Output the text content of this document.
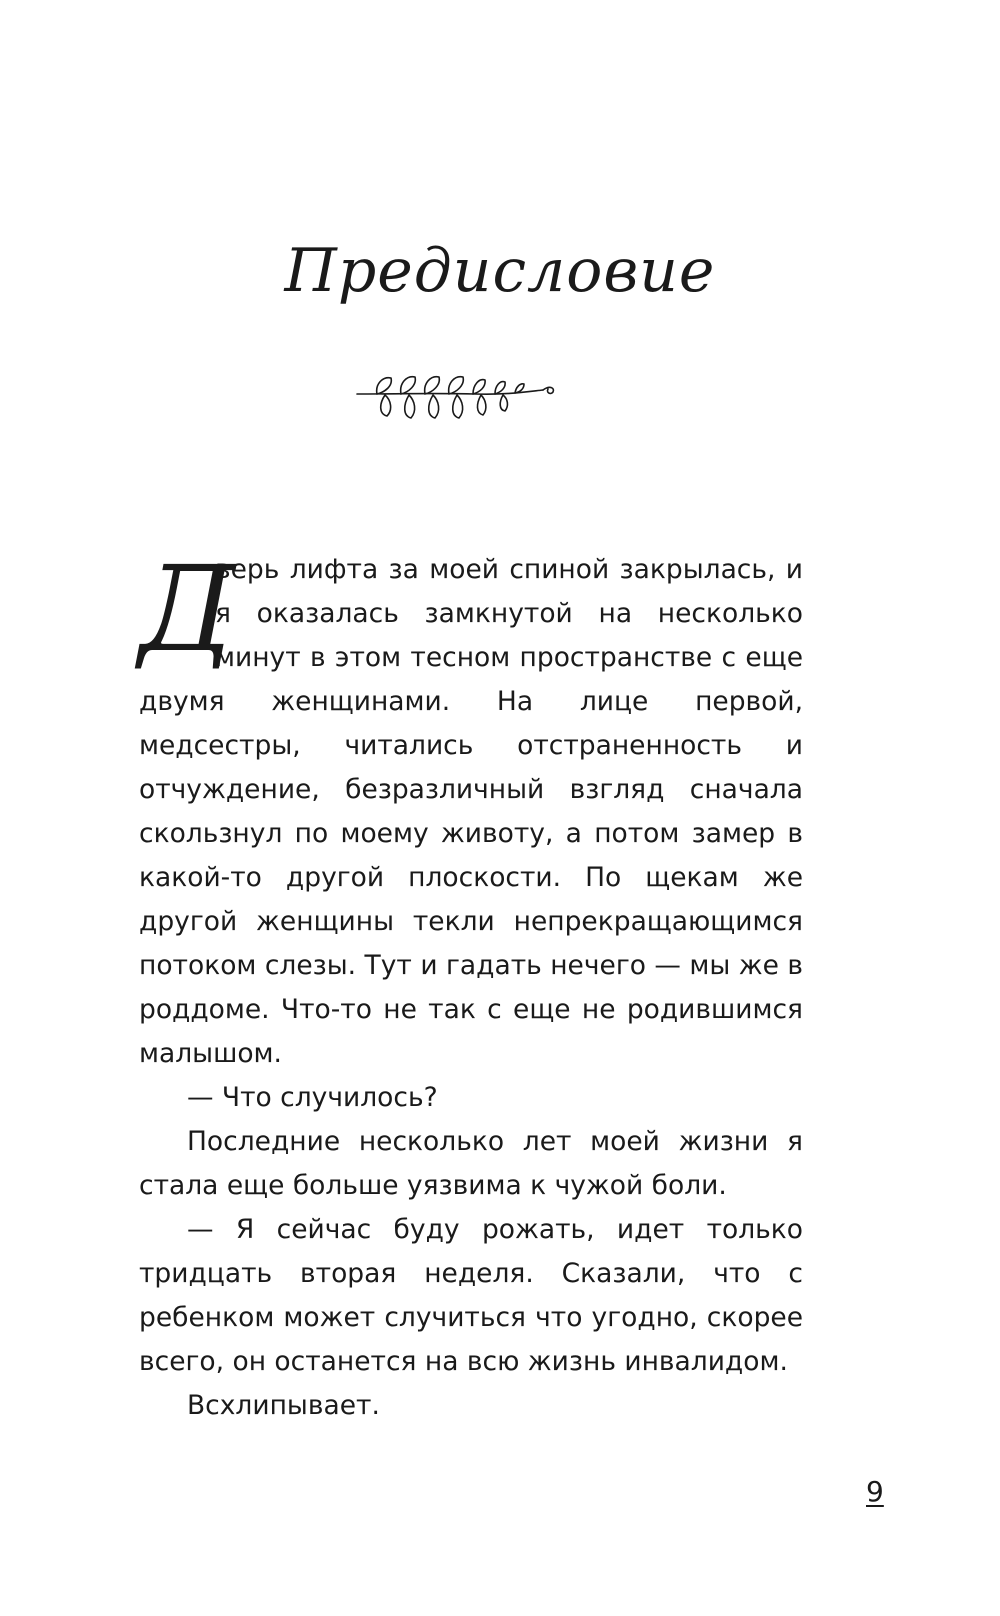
Предисловие
Д

верь лифта за моей спиной закрылась, и я оказалась замкнутой на несколько минут в этом тесном пространстве с еще двумя женщинами. На лице первой, медсестры, читались отстраненность и отчуждение, безразличный взгляд сначала скользнул по моему животу, а потом замер в какой-то другой плоскости. По щекам же другой женщины текли непрекращающимся потоком слезы. Тут и гадать нечего — мы же в роддоме. Что-то не так с еще не родившимся малышом.

— Что случилось?

Последние несколько лет моей жизни я стала еще больше уязвима к чужой боли.

— Я сейчас буду рожать, идет только тридцать вторая неделя. Сказали, что с ребенком может случиться что угодно, скорее всего, он останется на всю жизнь инвалидом.

Всхлипывает.

9
